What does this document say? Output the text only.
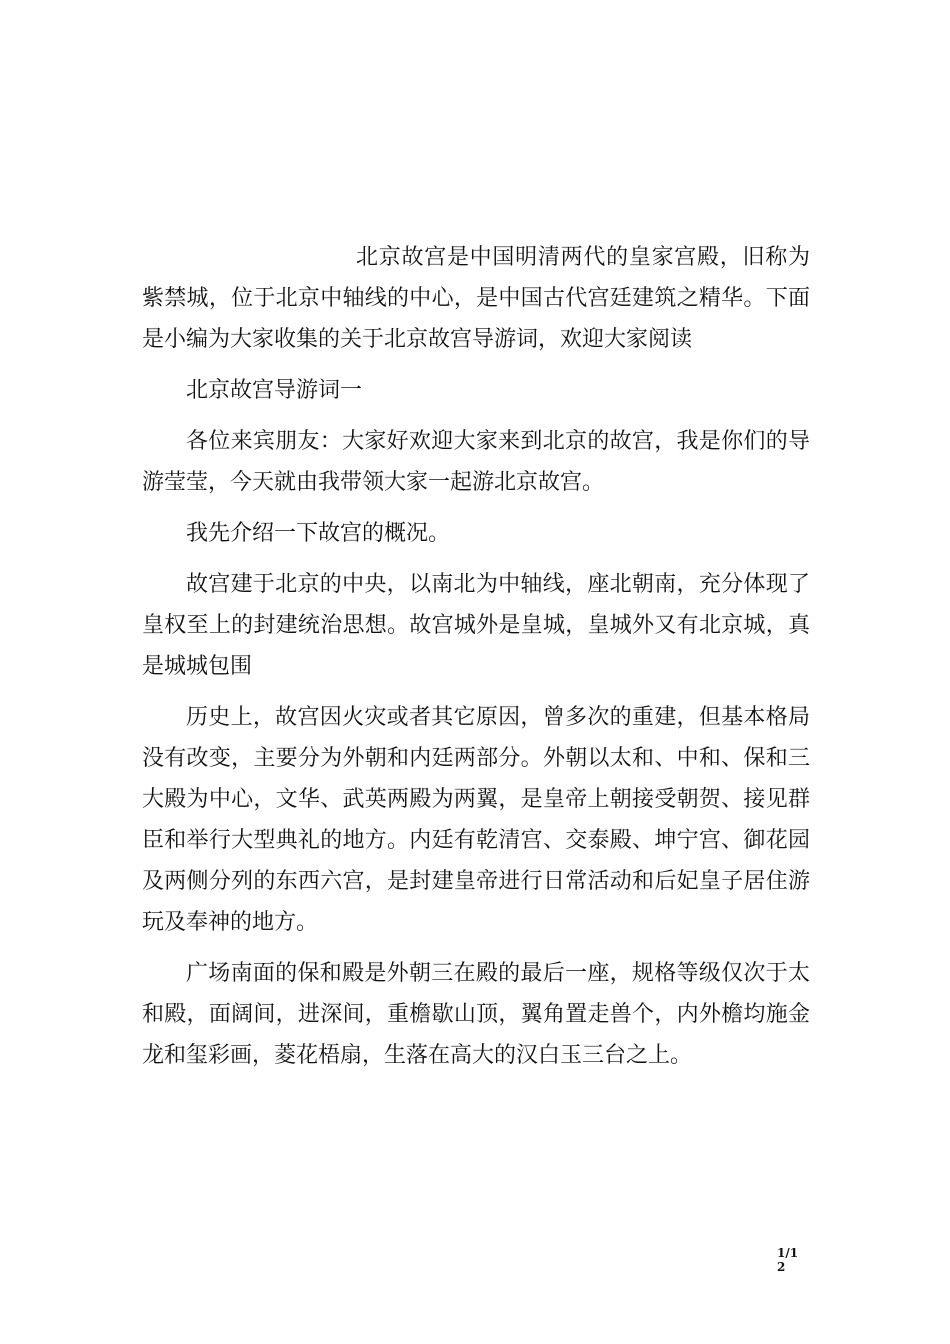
北京故宫是中国明清两代的皇家宫殿，旧称为紫禁城，位于北京中轴线的中心，是中国古代宫廷建筑之精华。下面是小编为大家收集的关于北京故宫导游词，欢迎大家阅读

北京故宫导游词一

各位来宾朋友：大家好欢迎大家来到北京的故宫，我是你们的导游莹莹，今天就由我带领大家一起游北京故宫。

我先介绍一下故宫的概况。

故宫建于北京的中央，以南北为中轴线，座北朝南，充分体现了皇权至上的封建统治思想。故宫城外是皇城，皇城外又有北京城，真是城城包围

历史上，故宫因火灾或者其它原因，曾多次的重建，但基本格局没有改变，主要分为外朝和内廷两部分。外朝以太和、中和、保和三大殿为中心，文华、武英两殿为两翼，是皇帝上朝接受朝贺、接见群臣和举行大型典礼的地方。内廷有乾清宫、交泰殿、坤宁宫、御花园及两侧分列的东西六宫，是封建皇帝进行日常活动和后妃皇子居住游玩及奉神的地方。

广场南面的保和殿是外朝三在殿的最后一座，规格等级仅次于太和殿，面阔间，进深间，重檐歇山顶，翼角置走兽个，内外檐均施金龙和玺彩画，菱花梧扇，生落在高大的汉白玉三台之上。

1/12
